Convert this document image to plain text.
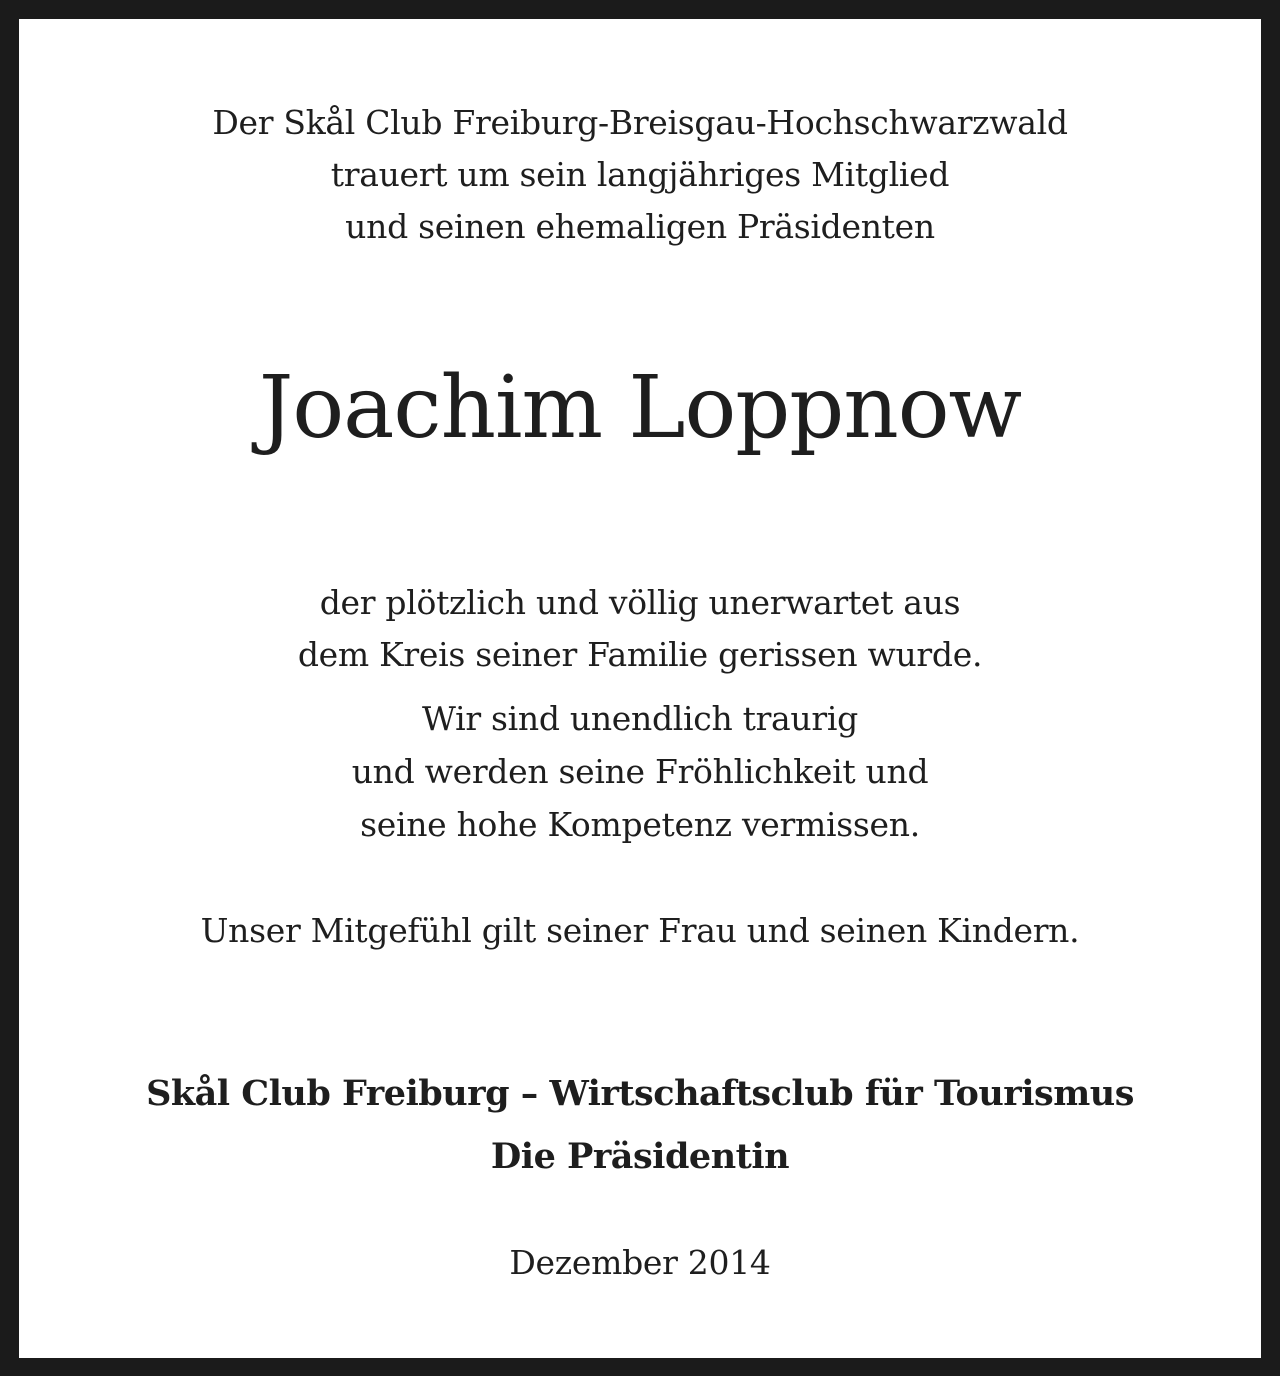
Der Skål Club Freiburg-Breisgau-Hochschwarzwald
trauert um sein langjähriges Mitglied
und seinen ehemaligen Präsidenten
Joachim Loppnow
der plötzlich und völlig unerwartet aus
dem Kreis seiner Familie gerissen wurde.
Wir sind unendlich traurig
und werden seine Fröhlichkeit und
seine hohe Kompetenz vermissen.
Unser Mitgefühl gilt seiner Frau und seinen Kindern.
Skål Club Freiburg – Wirtschaftsclub für Tourismus
Die Präsidentin
Dezember 2014
